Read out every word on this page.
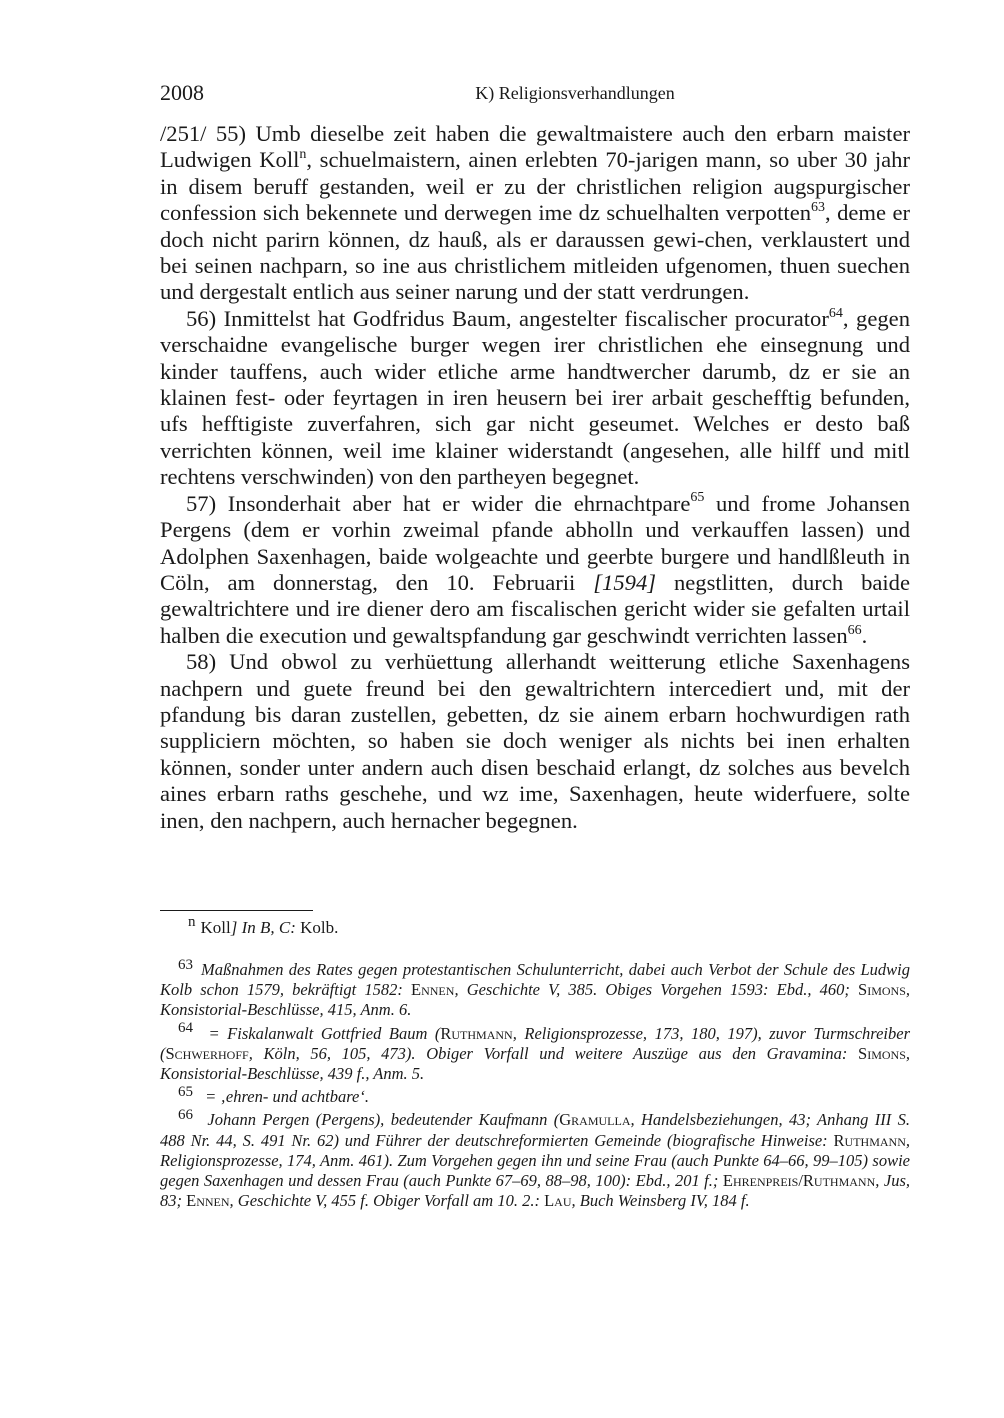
2008	K) Religionsverhandlungen

/251/ 55) Umb dieselbe zeit haben die gewaltmaistere auch den erbarn maister Ludwigen Koll$^n$, schuelmaistern, ainen erlebten 70-jarigen mann, so uber 30 jahr in disem beruff gestanden, weil er zu der christlichen religion augspurgischer confession sich bekennete und derwegen ime dz schuelhalten verpotten$^{63}$, deme er doch nicht parirn können, dz hauß, als er daraussen gewi-chen, verklaustert und bei seinen nachparn, so ine aus christlichem mitleiden ufgenomen, thuen suechen und dergestalt entlich aus seiner narung und der statt verdrungen.

56) Inmittelst hat Godfridus Baum, angestelter fiscalischer procurator$^{64}$, gegen verschaidne evangelische burger wegen irer christlichen ehe einsegnung und kinder tauffens, auch wider etliche arme handtwercher darumb, dz er sie an klainen fest- oder feyrtagen in iren heusern bei irer arbait geschefftig befunden, ufs hefftigiste zuverfahren, sich gar nicht geseumet. Welches er desto baß verrichten können, weil ime klainer widerstandt (angesehen, alle hilff und mitl rechtens verschwinden) von den partheyen begegnet.

57) Insonderhait aber hat er wider die ehrnachtpare$^{65}$ und frome Johansen Pergens (dem er vorhin zweimal pfande abholln und verkauffen lassen) und Adolphen Saxenhagen, baide wolgeachte und geerbte burgere und handlßleuth in Cöln, am donnerstag, den 10. Februarii [1594] negstlitten, durch baide gewaltrichtere und ire diener dero am fiscalischen gericht wider sie gefalten urtail halben die execution und gewaltspfandung gar geschwindt verrichten lassen$^{66}$.

58) Und obwol zu verhüettung allerhandt weitterung etliche Saxenhagens nachpern und guete freund bei den gewaltrichtern intercediert und, mit der pfandung bis daran zustellen, gebetten, dz sie ainem erbarn hochwurdigen rath suppliciern möchten, so haben sie doch weniger als nichts bei inen erhalten können, sonder unter andern auch disen beschaid erlangt, dz solches aus bevelch aines erbarn raths geschehe, und wz ime, Saxenhagen, heute widerfuere, solte inen, den nachpern, auch hernacher begegnen.

n Koll] In B, C: Kolb.

63 Maßnahmen des Rates gegen protestantischen Schulunterricht, dabei auch Verbot der Schule des Ludwig Kolb schon 1579, bekräftigt 1582: Ennen, Geschichte V, 385. Obiges Vorgehen 1593: Ebd., 460; Simons, Konsistorial-Beschlüsse, 415, Anm. 6.

64 = Fiskalanwalt Gottfried Baum (Ruthmann, Religionsprozesse, 173, 180, 197), zuvor Turmschreiber (Schwerhoff, Köln, 56, 105, 473). Obiger Vorfall und weitere Auszüge aus den Gravamina: Simons, Konsistorial-Beschlüsse, 439 f., Anm. 5.

65 = ‚ehren- und achtbare‘.

66 Johann Pergen (Pergens), bedeutender Kaufmann (Gramulla, Handelsbeziehungen, 43; Anhang III S. 488 Nr. 44, S. 491 Nr. 62) und Führer der deutschreformierten Gemeinde (biografische Hinweise: Ruthmann, Religionsprozesse, 174, Anm. 461). Zum Vorgehen gegen ihn und seine Frau (auch Punkte 64–66, 99–105) sowie gegen Saxenhagen und dessen Frau (auch Punkte 67–69, 88–98, 100): Ebd., 201 f.; Ehrenpreis/Ruthmann, Jus, 83; Ennen, Geschichte V, 455 f. Obiger Vorfall am 10. 2.: Lau, Buch Weinsberg IV, 184 f.
